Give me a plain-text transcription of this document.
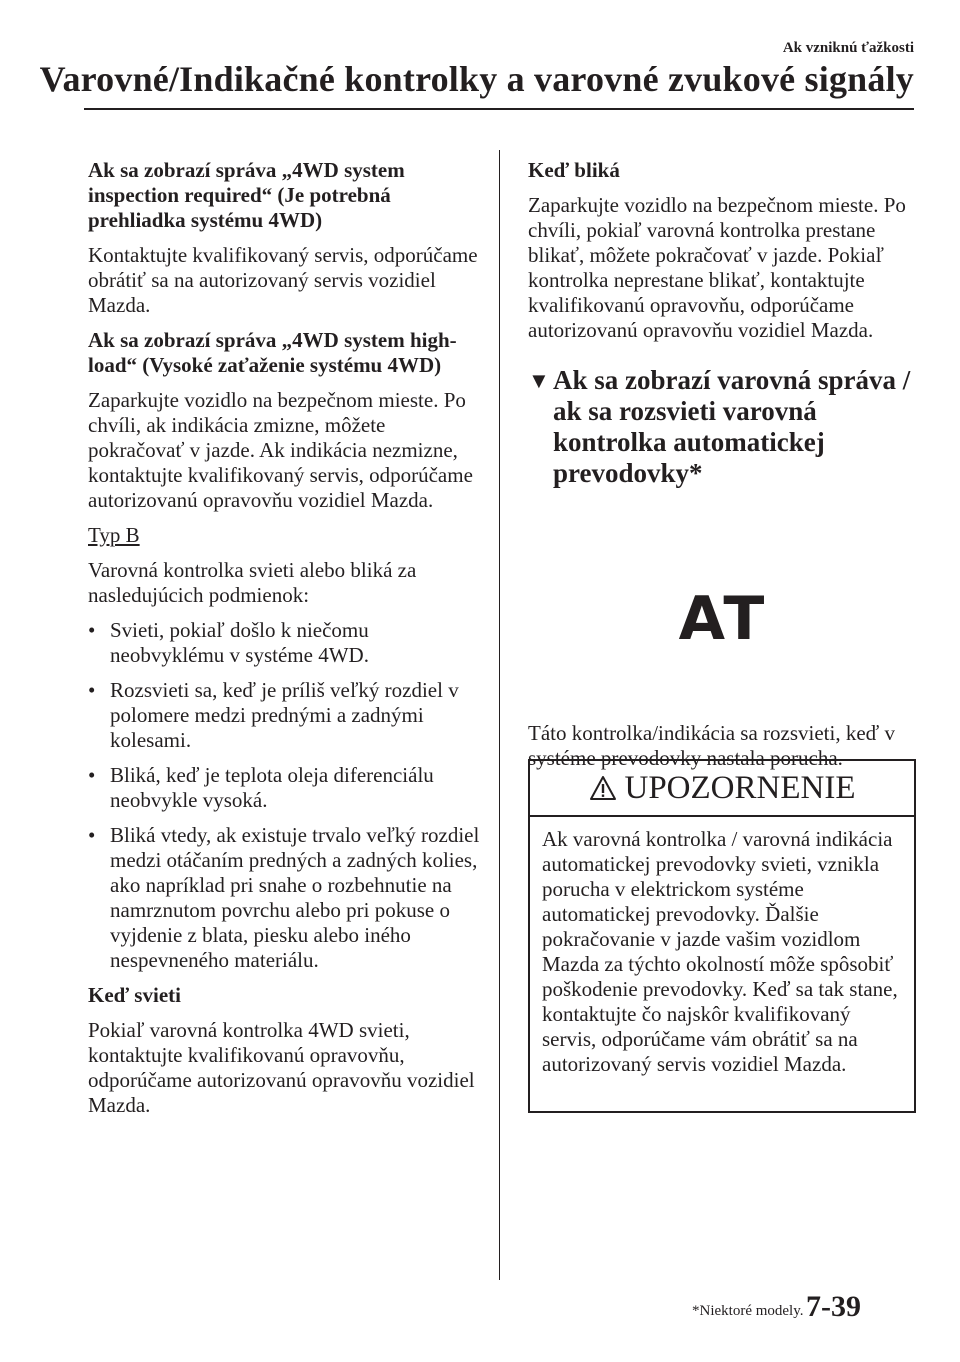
Ak vzniknú ťažkosti
Varovné/Indikačné kontrolky a varovné zvukové signály
Ak sa zobrazí správa „4WD system inspection required“ (Je potrebná prehliadka systému 4WD)

Kontaktujte kvalifikovaný servis, odporúčame obrátiť sa na autorizovaný servis vozidiel Mazda.

Ak sa zobrazí správa „4WD system high-load“ (Vysoké zaťaženie systému 4WD)

Zaparkujte vozidlo na bezpečnom mieste. Po chvíli, ak indikácia zmizne, môžete pokračovať v jazde. Ak indikácia nezmizne, kontaktujte kvalifikovaný servis, odporúčame autorizovanú opravovňu vozidiel Mazda.

Typ B

Varovná kontrolka svieti alebo bliká za nasledujúcich podmienok:

• Svieti, pokiaľ došlo k niečomu neobvyklému v systéme 4WD.
• Rozsvieti sa, keď je príliš veľký rozdiel v polomere medzi prednými a zadnými kolesami.
• Bliká, keď je teplota oleja diferenciálu neobvykle vysoká.
• Bliká vtedy, ak existuje trvalo veľký rozdiel medzi otáčaním predných a zadných kolies, ako napríklad pri snahe o rozbehnutie na namrznutom povrchu alebo pri pokuse o vyjdenie z blata, piesku alebo iného nespevneného materiálu.
Keď svieti

Pokiaľ varovná kontrolka 4WD svieti, kontaktujte kvalifikovanú opravovňu, odporúčame autorizovanú opravovňu vozidiel Mazda.

Keď bliká

Zaparkujte vozidlo na bezpečnom mieste. Po chvíli, pokiaľ varovná kontrolka prestane blikať, môžete pokračovať v jazde. Pokiaľ kontrolka neprestane blikať, kontaktujte kvalifikovanú opravovňu, odporúčame autorizovanú opravovňu vozidiel Mazda.

▼ Ak sa zobrazí varovná správa / ak sa rozsvieti varovná kontrolka automatickej prevodovky*
AT

Táto kontrolka/indikácia sa rozsvieti, keď v systéme prevodovky nastala porucha.

UPOZORNENIE
Ak varovná kontrolka / varovná indikácia automatickej prevodovky svieti, vznikla porucha v elektrickom systéme automatickej prevodovky. Ďalšie pokračovanie v jazde vašim vozidlom Mazda za týchto okolností môže spôsobiť poškodenie prevodovky. Keď sa tak stane, kontaktujte čo najskôr kvalifikovaný servis, odporúčame vám obrátiť sa na autorizovaný servis vozidiel Mazda.
*Niektoré modely. 7-39
